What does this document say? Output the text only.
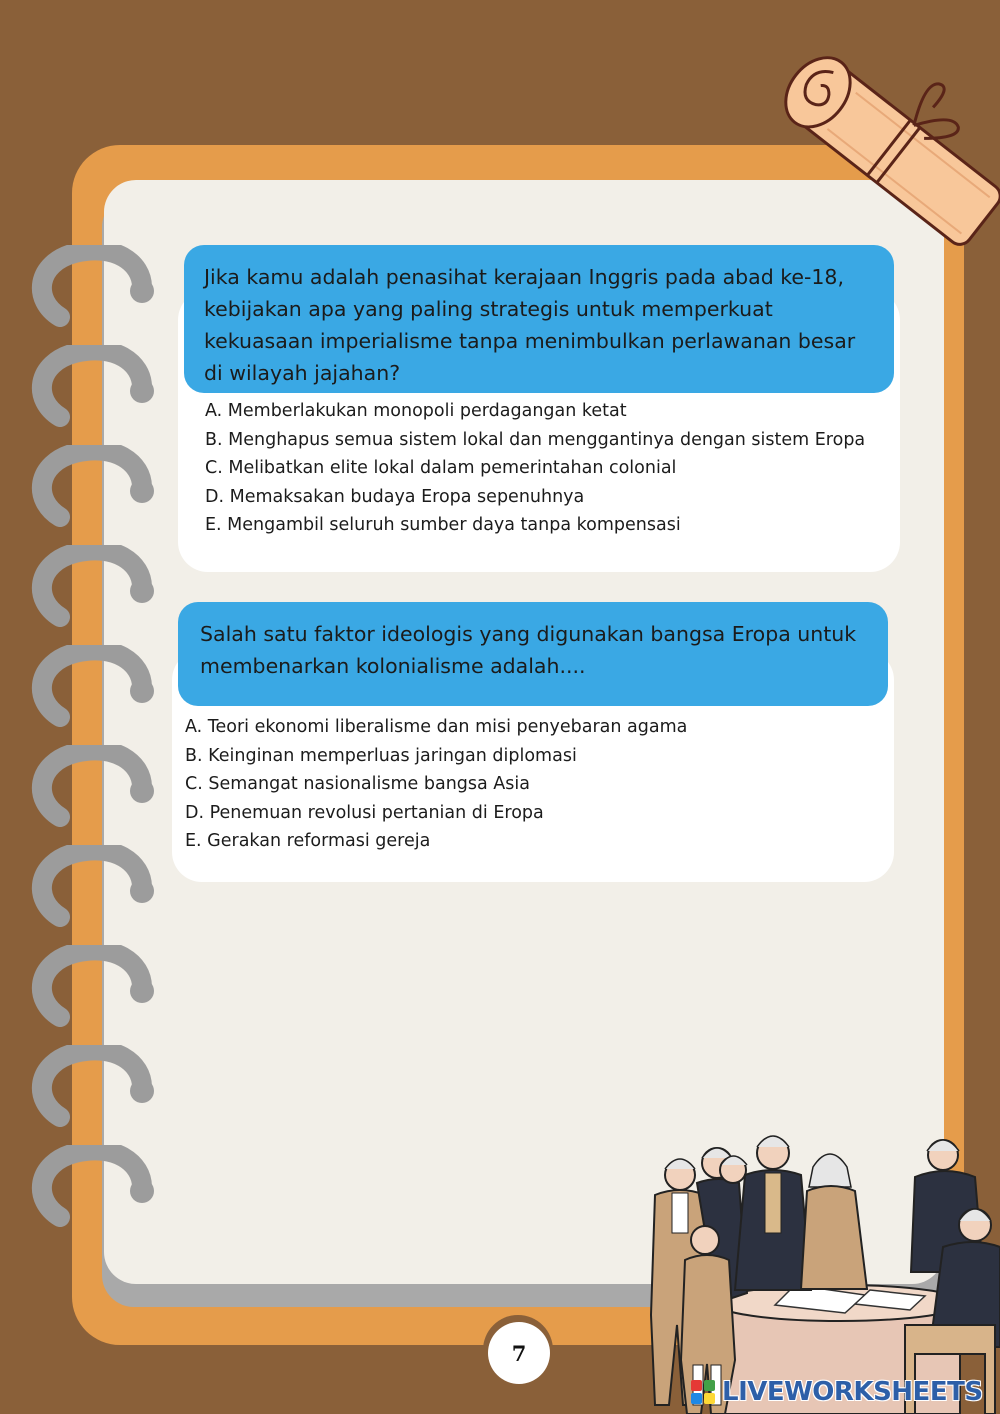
Jika kamu adalah penasihat kerajaan Inggris pada abad ke-18, kebijakan apa yang paling strategis untuk memperkuat kekuasaan imperialisme tanpa menimbulkan perlawanan besar di wilayah jajahan?
A. Memberlakukan monopoli perdagangan ketat
B. Menghapus semua sistem lokal dan menggantinya dengan sistem Eropa
C. Melibatkan elite lokal dalam pemerintahan colonial
D. Memaksakan budaya Eropa sepenuhnya
E. Mengambil seluruh sumber daya tanpa kompensasi
Salah satu faktor ideologis yang digunakan bangsa Eropa untuk membenarkan kolonialisme adalah....
A. Teori ekonomi liberalisme dan misi penyebaran agama
B. Keinginan memperluas jaringan diplomasi
C. Semangat nasionalisme bangsa Asia
D. Penemuan revolusi pertanian di Eropa
E. Gerakan reformasi gereja
7
LIVEWORKSHEETS
